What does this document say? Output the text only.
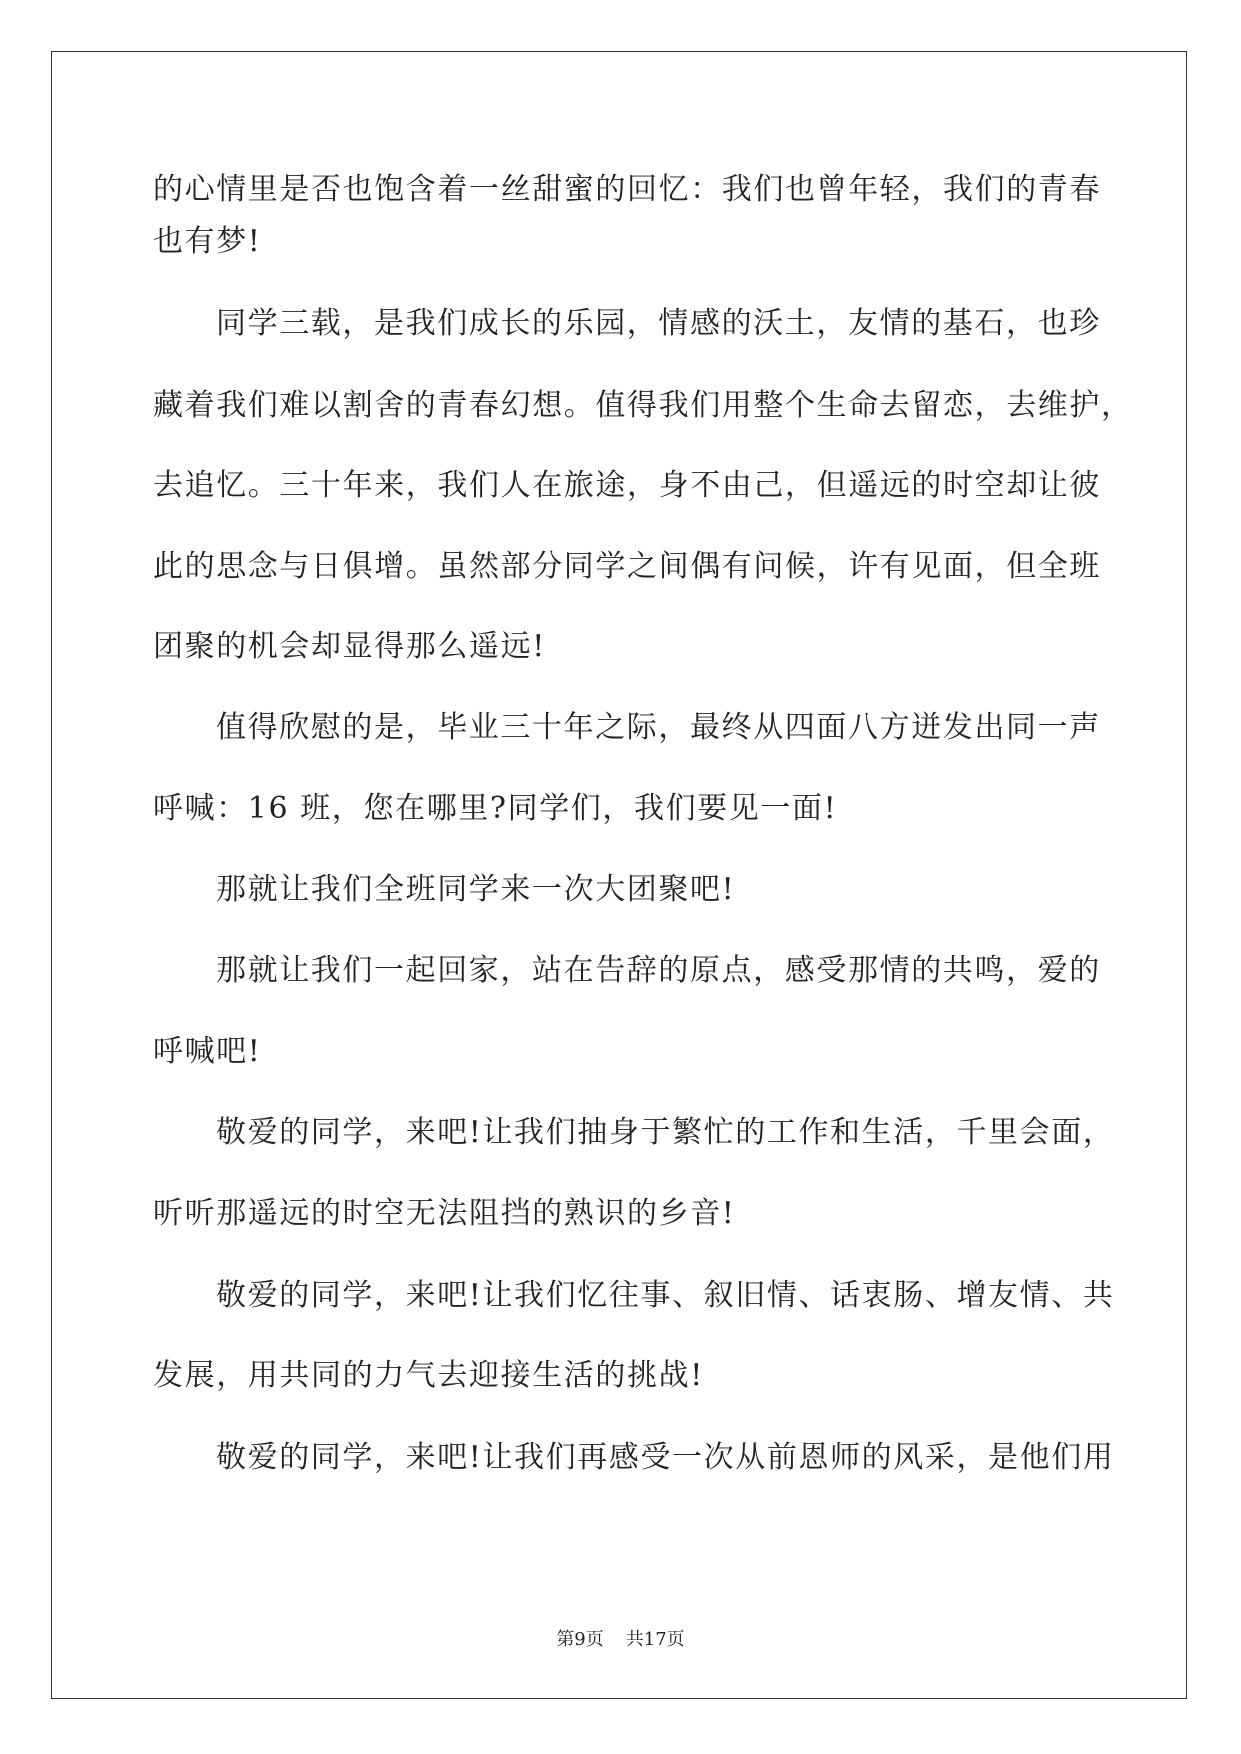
的心情里是否也饱含着一丝甜蜜的回忆：我们也曾年轻，我们的青春
也有梦!
同学三载，是我们成长的乐园，情感的沃土，友情的基石，也珍
藏着我们难以割舍的青春幻想。值得我们用整个生命去留恋，去维护，
去追忆。三十年来，我们人在旅途，身不由己，但遥远的时空却让彼
此的思念与日俱增。虽然部分同学之间偶有问候，许有见面，但全班
团聚的机会却显得那么遥远!
值得欣慰的是，毕业三十年之际，最终从四面八方迸发出同一声
呼喊：16 班，您在哪里?同学们，我们要见一面!
那就让我们全班同学来一次大团聚吧!
那就让我们一起回家，站在告辞的原点，感受那情的共鸣，爱的
呼喊吧!
敬爱的同学，来吧!让我们抽身于繁忙的工作和生活，千里会面，
听听那遥远的时空无法阻挡的熟识的乡音!
敬爱的同学，来吧!让我们忆往事、叙旧情、话衷肠、增友情、共
发展，用共同的力气去迎接生活的挑战!
敬爱的同学，来吧!让我们再感受一次从前恩师的风采，是他们用
第9页 共17页
